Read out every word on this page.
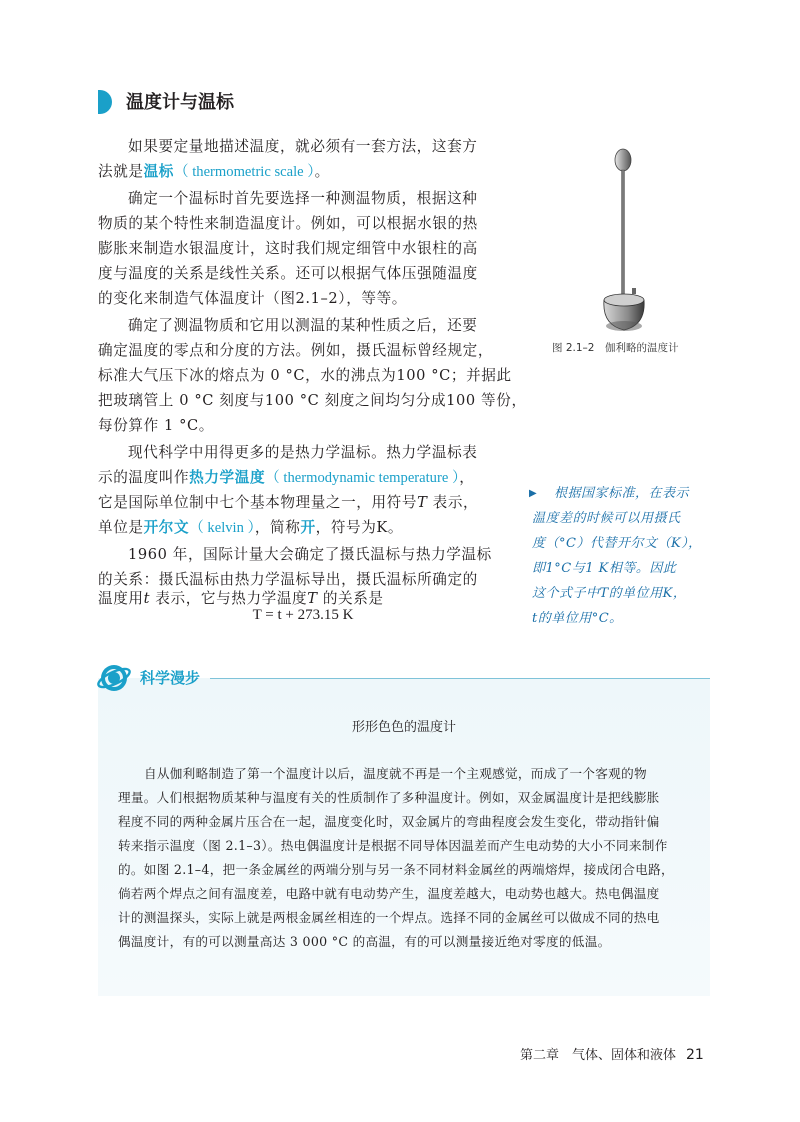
温度计与温标
如果要定量地描述温度，就必须有一套方法，这套方
法就是温标（ thermometric scale ）。
确定一个温标时首先要选择一种测温物质，根据这种
物质的某个特性来制造温度计。例如，可以根据水银的热
膨胀来制造水银温度计，这时我们规定细管中水银柱的高
度与温度的关系是线性关系。还可以根据气体压强随温度
的变化来制造气体温度计（图2.1–2），等等。
确定了测温物质和它用以测温的某种性质之后，还要
确定温度的零点和分度的方法。例如，摄氏温标曾经规定，
标准大气压下冰的熔点为 0 °C，水的沸点为100 °C；并据此
把玻璃管上 0 °C 刻度与100 °C 刻度之间均匀分成100 等份，
每份算作 1 °C。
现代科学中用得更多的是热力学温标。热力学温标表
示的温度叫作热力学温度（ thermodynamic temperature ），
它是国际单位制中七个基本物理量之一，用符号T 表示，
单位是开尔文（ kelvin ），简称开，符号为K。
1960 年，国际计量大会确定了摄氏温标与热力学温标
的关系：摄氏温标由热力学温标导出，摄氏温标所确定的
温度用t 表示，它与热力学温度T 的关系是
T = t + 273.15 K
图 2.1–2　伽利略的温度计
▶ 根据国家标准，在表示
温度差的时候可以用摄氏
度（°C）代替开尔文（K），
即1°C与1 K相等。因此
这个式子中T的单位用K，
t的单位用°C。
科学漫步
形形色色的温度计
自从伽利略制造了第一个温度计以后，温度就不再是一个主观感觉，而成了一个客观的物
理量。人们根据物质某种与温度有关的性质制作了多种温度计。例如，双金属温度计是把线膨胀
程度不同的两种金属片压合在一起，温度变化时，双金属片的弯曲程度会发生变化，带动指针偏
转来指示温度（图 2.1–3）。热电偶温度计是根据不同导体因温差而产生电动势的大小不同来制作
的。如图 2.1–4，把一条金属丝的两端分别与另一条不同材料金属丝的两端熔焊，接成闭合电路，
倘若两个焊点之间有温度差，电路中就有电动势产生，温度差越大，电动势也越大。热电偶温度
计的测温探头，实际上就是两根金属丝相连的一个焊点。选择不同的金属丝可以做成不同的热电
偶温度计，有的可以测量高达 3 000 °C 的高温，有的可以测量接近绝对零度的低温。
第二章　气体、固体和液体 21
